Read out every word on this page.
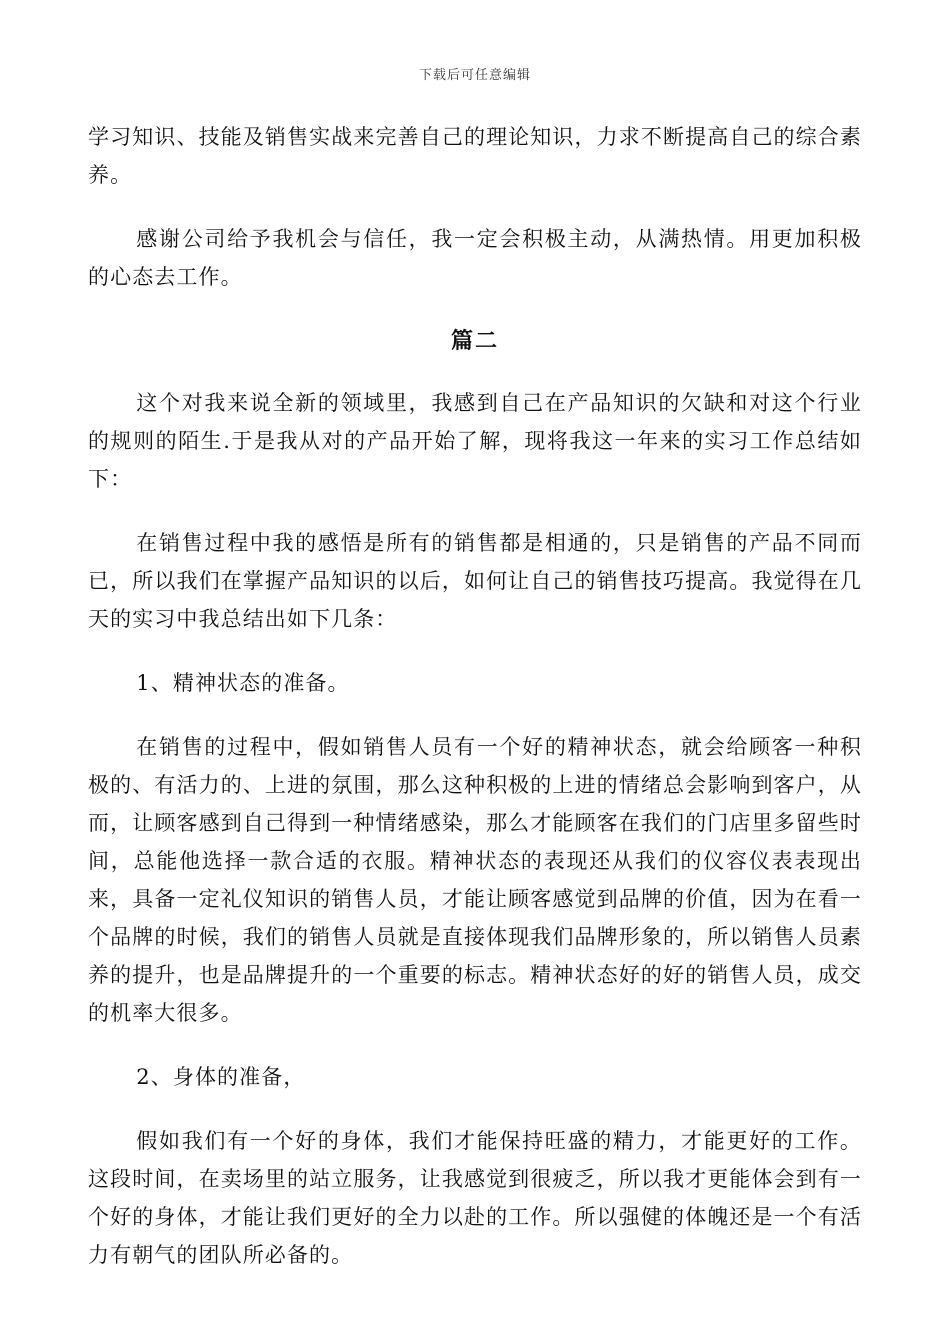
下载后可任意编辑

学习知识、技能及销售实战来完善自己的理论知识，力求不断提高自己的综合素养。

感谢公司给予我机会与信任，我一定会积极主动，从满热情。用更加积极的心态去工作。

篇二

这个对我来说全新的领域里，我感到自己在产品知识的欠缺和对这个行业的规则的陌生.于是我从对的产品开始了解，现将我这一年来的实习工作总结如下：

在销售过程中我的感悟是所有的销售都是相通的，只是销售的产品不同而已，所以我们在掌握产品知识的以后，如何让自己的销售技巧提高。我觉得在几天的实习中我总结出如下几条：

1、精神状态的准备。

在销售的过程中，假如销售人员有一个好的精神状态，就会给顾客一种积极的、有活力的、上进的氛围，那么这种积极的上进的情绪总会影响到客户，从而，让顾客感到自己得到一种情绪感染，那么才能顾客在我们的门店里多留些时间，总能他选择一款合适的衣服。精神状态的表现还从我们的仪容仪表表现出来，具备一定礼仪知识的销售人员，才能让顾客感觉到品牌的价值，因为在看一个品牌的时候，我们的销售人员就是直接体现我们品牌形象的，所以销售人员素养的提升，也是品牌提升的一个重要的标志。精神状态好的好的销售人员，成交的机率大很多。

2、身体的准备，

假如我们有一个好的身体，我们才能保持旺盛的精力，才能更好的工作。这段时间，在卖场里的站立服务，让我感觉到很疲乏，所以我才更能体会到有一个好的身体，才能让我们更好的全力以赴的工作。所以强健的体魄还是一个有活力有朝气的团队所必备的。
